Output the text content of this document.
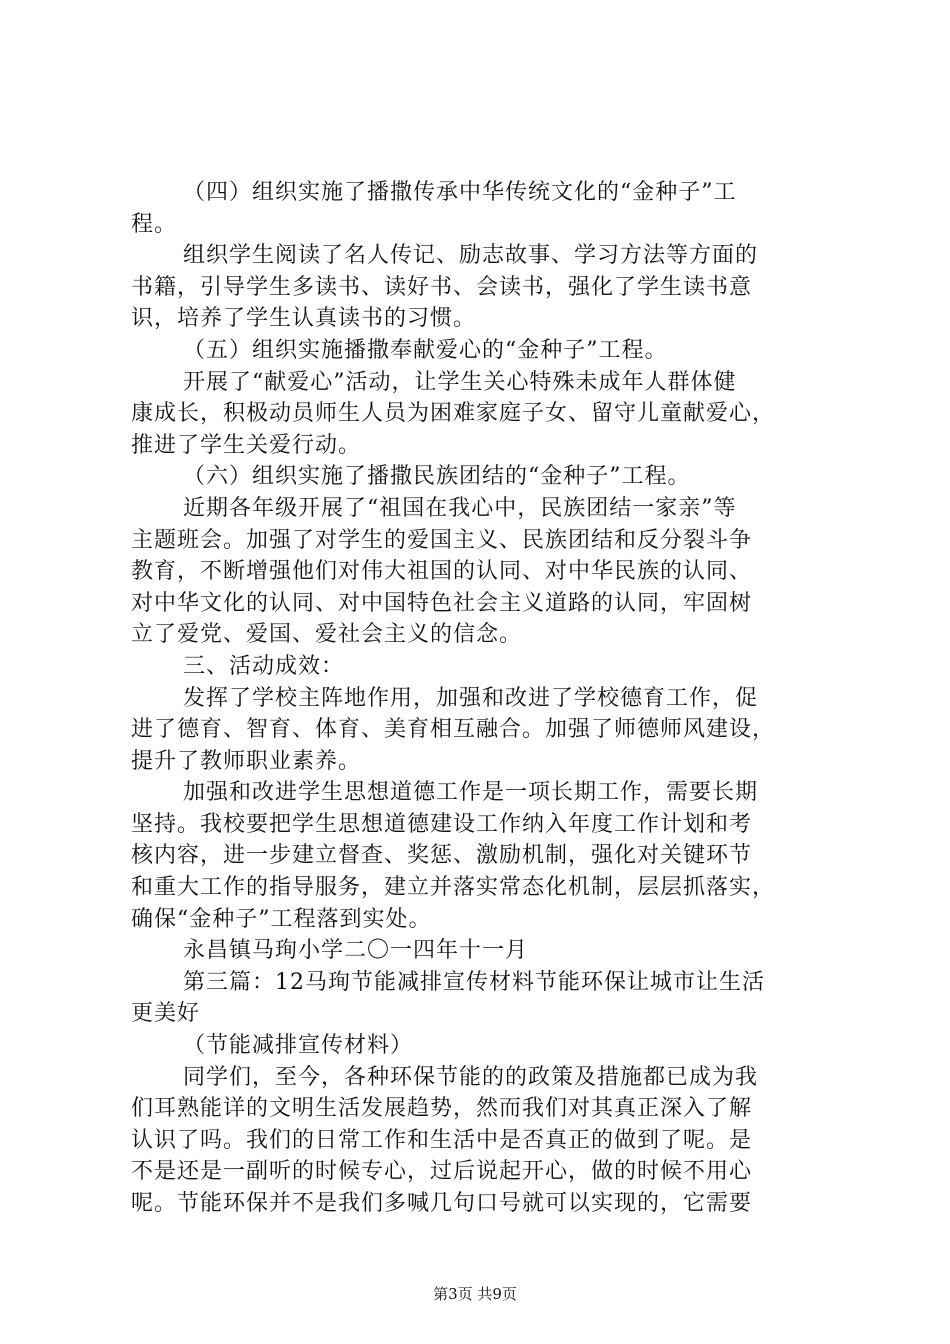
（四）组织实施了播撒传承中华传统文化的“金种子”工
程。
组织学生阅读了名人传记、励志故事、学习方法等方面的
书籍，引导学生多读书、读好书、会读书，强化了学生读书意
识，培养了学生认真读书的习惯。
（五）组织实施播撒奉献爱心的“金种子”工程。
开展了“献爱心”活动，让学生关心特殊未成年人群体健
康成长，积极动员师生人员为困难家庭子女、留守儿童献爱心，
推进了学生关爱行动。
（六）组织实施了播撒民族团结的“金种子”工程。
近期各年级开展了“祖国在我心中，民族团结一家亲”等
主题班会。加强了对学生的爱国主义、民族团结和反分裂斗争
教育，不断增强他们对伟大祖国的认同、对中华民族的认同、
对中华文化的认同、对中国特色社会主义道路的认同，牢固树
立了爱党、爱国、爱社会主义的信念。
三、活动成效：
发挥了学校主阵地作用，加强和改进了学校德育工作，促
进了德育、智育、体育、美育相互融合。加强了师德师风建设，
提升了教师职业素养。
加强和改进学生思想道德工作是一项长期工作，需要长期
坚持。我校要把学生思想道德建设工作纳入年度工作计划和考
核内容，进一步建立督查、奖惩、激励机制，强化对关键环节
和重大工作的指导服务，建立并落实常态化机制，层层抓落实，
确保“金种子”工程落到实处。
永昌镇马珣小学二〇一四年十一月
第三篇：12马珣节能减排宣传材料节能环保让城市让生活
更美好
（节能减排宣传材料）
同学们，至今，各种环保节能的的政策及措施都已成为我
们耳熟能详的文明生活发展趋势，然而我们对其真正深入了解
认识了吗。我们的日常工作和生活中是否真正的做到了呢。是
不是还是一副听的时候专心，过后说起开心，做的时候不用心
呢。节能环保并不是我们多喊几句口号就可以实现的，它需要
第3页 共9页
